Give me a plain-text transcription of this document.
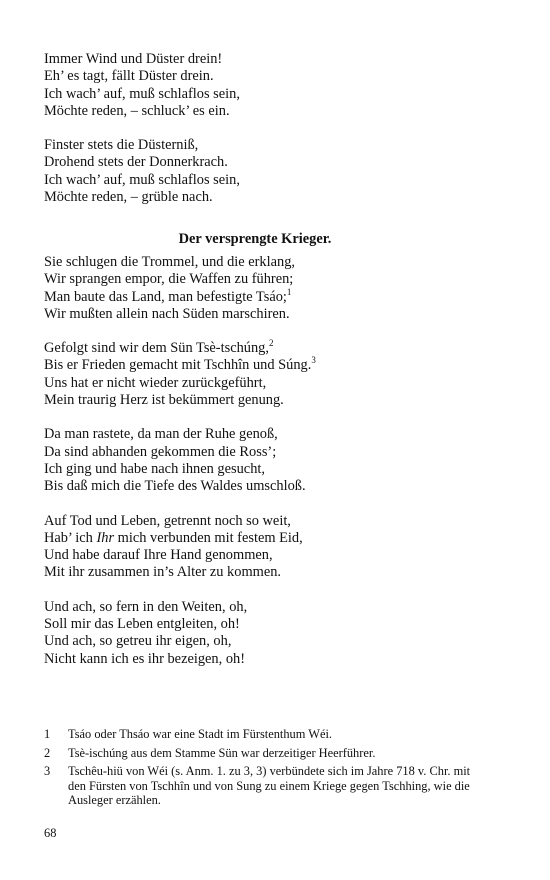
Immer Wind und Düster drein!
Eh’ es tagt, fällt Düster drein.
Ich wach’ auf, muß schlaflos sein,
Möchte reden, – schluck’ es ein.
Finster stets die Düsterniß,
Drohend stets der Donnerkrach.
Ich wach’ auf, muß schlaflos sein,
Möchte reden, – grüble nach.
Der versprengte Krieger.
Sie schlugen die Trommel, und die erklang,
Wir sprangen empor, die Waffen zu führen;
Man baute das Land, man befestigte Tsáo;$^1$
Wir mußten allein nach Süden marschiren.
Gefolgt sind wir dem Sün Tsè-tschúng,$^2$
Bis er Frieden gemacht mit Tschhîn und Súng.$^3$
Uns hat er nicht wieder zurückgeführt,
Mein traurig Herz ist bekümmert genung.
Da man rastete, da man der Ruhe genoß,
Da sind abhanden gekommen die Ross’;
Ich ging und habe nach ihnen gesucht,
Bis daß mich die Tiefe des Waldes umschloß.
Auf Tod und Leben, getrennt noch so weit,
Hab’ ich Ihr mich verbunden mit festem Eid,
Und habe darauf Ihre Hand genommen,
Mit ihr zusammen in’s Alter zu kommen.
Und ach, so fern in den Weiten, oh,
Soll mir das Leben entgleiten, oh!
Und ach, so getreu ihr eigen, oh,
Nicht kann ich es ihr bezeigen, oh!
1	Tsáo oder Thsáo war eine Stadt im Fürstenthum Wéi.
2	Tsè-ischúng aus dem Stamme Sün war derzeitiger Heerführer.
3	Tschêu-hiü von Wéi (s. Anm. 1. zu 3, 3) verbündete sich im Jahre 718 v. Chr. mit den Fürsten von Tschhîn und von Sung zu einem Kriege gegen Tschhing, wie die Ausleger erzählen.
68
